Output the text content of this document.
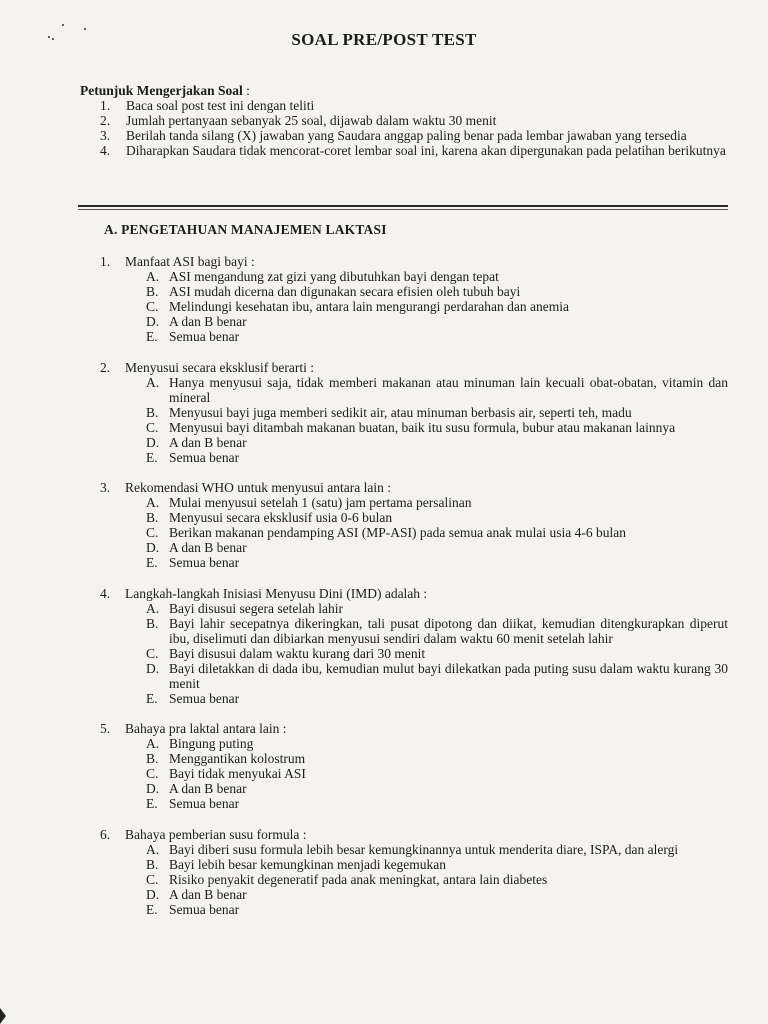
SOAL PRE/POST TEST
Petunjuk Mengerjakan Soal :
1.	Baca soal post test ini dengan teliti
2.	Jumlah pertanyaan sebanyak 25 soal, dijawab dalam waktu 30 menit
3.	Berilah tanda silang (X) jawaban yang Saudara anggap paling benar pada lembar jawaban yang tersedia
4.	Diharapkan Saudara tidak mencorat-coret lembar soal ini, karena akan dipergunakan pada pelatihan berikutnya
A. PENGETAHUAN MANAJEMEN LAKTASI
1.	Manfaat ASI bagi bayi :
A. ASI mengandung zat gizi yang dibutuhkan bayi dengan tepat
B. ASI mudah dicerna dan digunakan secara efisien oleh tubuh bayi
C. Melindungi kesehatan ibu, antara lain mengurangi perdarahan dan anemia
D. A dan B benar
E. Semua benar
2.	Menyusui secara eksklusif berarti :
A. Hanya menyusui saja, tidak memberi makanan atau minuman lain kecuali obat-obatan, vitamin dan mineral
B. Menyusui bayi juga memberi sedikit air, atau minuman berbasis air, seperti teh, madu
C. Menyusui bayi ditambah makanan buatan, baik itu susu formula, bubur atau makanan lainnya
D. A dan B benar
E. Semua benar
3.	Rekomendasi WHO untuk menyusui antara lain :
A. Mulai menyusui setelah 1 (satu) jam pertama persalinan
B. Menyusui secara eksklusif usia 0-6 bulan
C. Berikan makanan pendamping ASI (MP-ASI) pada semua anak mulai usia 4-6 bulan
D. A dan B benar
E. Semua benar
4.	Langkah-langkah Inisiasi Menyusu Dini (IMD) adalah :
A. Bayi disusui segera setelah lahir
B. Bayi lahir secepatnya dikeringkan, tali pusat dipotong dan diikat, kemudian ditengkurapkan diperut ibu, diselimuti dan dibiarkan menyusui sendiri dalam waktu 60 menit setelah lahir
C. Bayi disusui dalam waktu kurang dari 30 menit
D. Bayi diletakkan di dada ibu, kemudian mulut bayi dilekatkan pada puting susu dalam waktu kurang 30 menit
E. Semua benar
5.	Bahaya pra laktal antara lain :
A. Bingung puting
B. Menggantikan kolostrum
C. Bayi tidak menyukai ASI
D. A dan B benar
E. Semua benar
6.	Bahaya pemberian susu formula :
A. Bayi diberi susu formula lebih besar kemungkinannya untuk menderita diare, ISPA, dan alergi
B. Bayi lebih besar kemungkinan menjadi kegemukan
C. Risiko penyakit degeneratif pada anak meningkat, antara lain diabetes
D. A dan B benar
E. Semua benar
